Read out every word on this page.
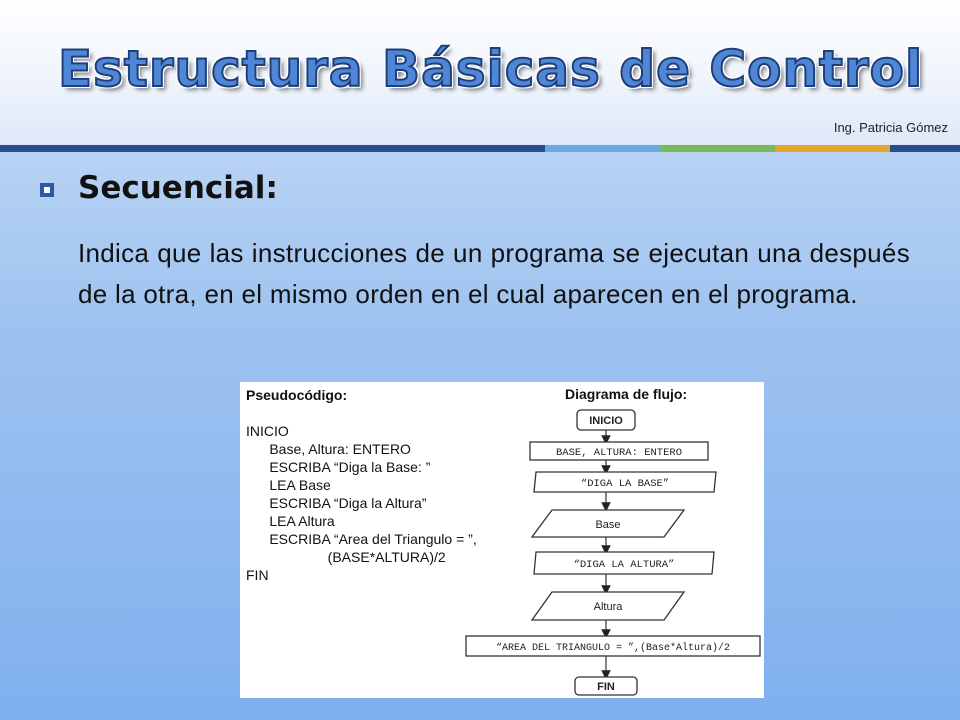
Estructura Básicas de Control
Ing. Patricia Gómez
Secuencial:

Indica que las instrucciones de un programa se ejecutan una después de la otra, en el mismo orden en el cual aparecen en el programa.

Pseudocódigo:
INICIO
Base, Altura: ENTERO
ESCRIBA “Diga la Base: ”
LEA Base
ESCRIBA “Diga la Altura”
LEA Altura
ESCRIBA “Area del Triangulo = ”,
(BASE*ALTURA)/2
FIN
Diagrama de flujo:
INICIO
BASE, ALTURA: ENTERO
“DIGA LA BASE”
Base
“DIGA LA ALTURA”
Altura
“AREA DEL TRIANGULO = ”,(Base*Altura)/2
FIN
